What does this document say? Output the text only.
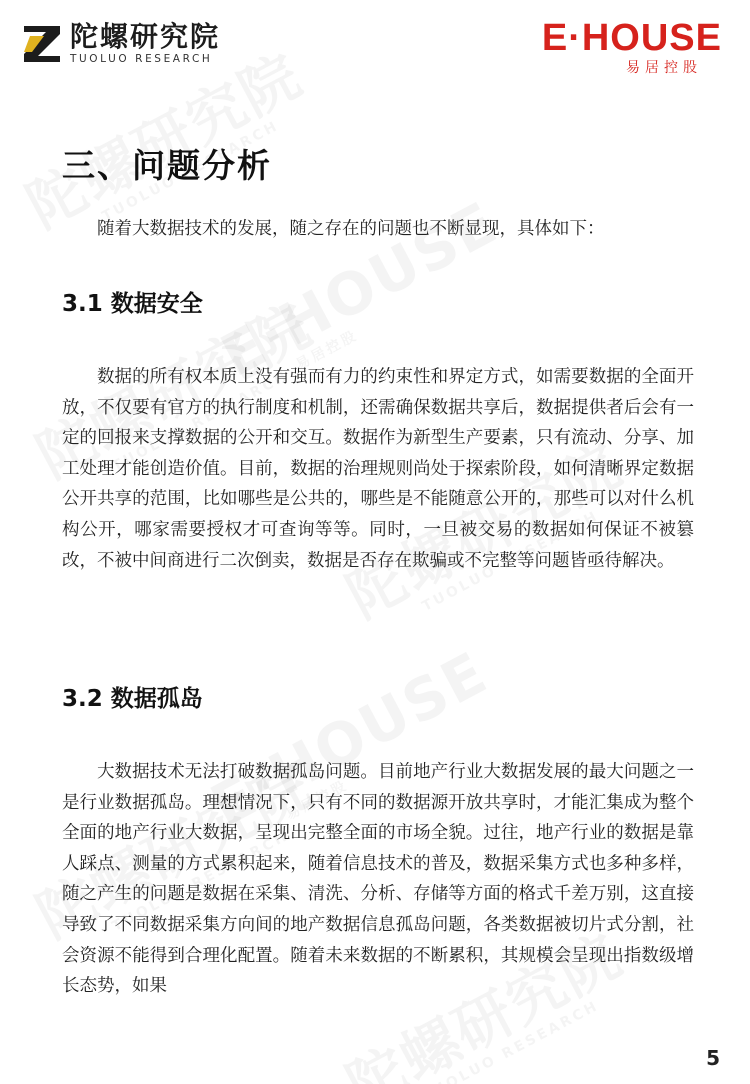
陀螺研究院
TUOLUO RESEARCH	E·HOUSE
易居控股
三、问题分析
随着大数据技术的发展，随之存在的问题也不断显现，具体如下：
3.1 数据安全

数据的所有权本质上没有强而有力的约束性和界定方式，如需要数据的全面开放，不仅要有官方的执行制度和机制，还需确保数据共享后，数据提供者后会有一定的回报来支撑数据的公开和交互。数据作为新型生产要素，只有流动、分享、加工处理才能创造价值。目前，数据的治理规则尚处于探索阶段，如何清晰界定数据公开共享的范围，比如哪些是公共的，哪些是不能随意公开的，那些可以对什么机构公开，哪家需要授权才可查询等等。同时，一旦被交易的数据如何保证不被篡改，不被中间商进行二次倒卖，数据是否存在欺骗或不完整等问题皆亟待解决。

3.2 数据孤岛

大数据技术无法打破数据孤岛问题。目前地产行业大数据发展的最大问题之一是行业数据孤岛。理想情况下，只有不同的数据源开放共享时，才能汇集成为整个全面的地产行业大数据，呈现出完整全面的市场全貌。过往，地产行业的数据是靠人踩点、测量的方式累积起来，随着信息技术的普及，数据采集方式也多种多样，随之产生的问题是数据在采集、清洗、分析、存储等方面的格式千差万别，这直接导致了不同数据采集方向间的地产数据信息孤岛问题，各类数据被切片式分割，社会资源不能得到合理化配置。随着未来数据的不断累积，其规模会呈现出指数级增长态势，如果

5
